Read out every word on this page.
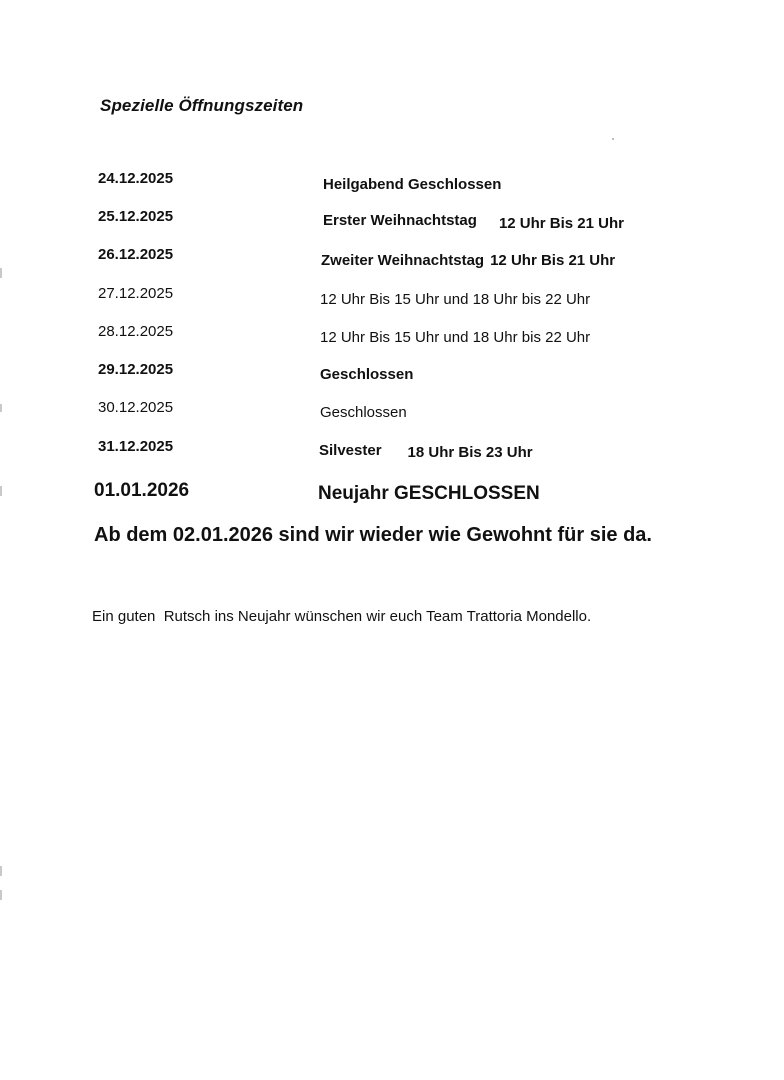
Spezielle Öffnungszeiten
24.12.2025	Heilgabend Geschlossen
25.12.2025	Erster Weihnachtstag 12 Uhr Bis 21 Uhr
26.12.2025	Zweiter Weihnachtstag 12 Uhr Bis 21 Uhr
27.12.2025	12 Uhr Bis 15 Uhr und 18 Uhr bis 22 Uhr
28.12.2025	12 Uhr Bis 15 Uhr und 18 Uhr bis 22 Uhr
29.12.2025	Geschlossen
30.12.2025	Geschlossen
31.12.2025	Silvester 18 Uhr Bis 23 Uhr
01.01.2026	Neujahr GESCHLOSSEN
Ab dem 02.01.2026 sind wir wieder wie Gewohnt für sie da.
Ein guten  Rutsch ins Neujahr wünschen wir euch Team Trattoria Mondello.
